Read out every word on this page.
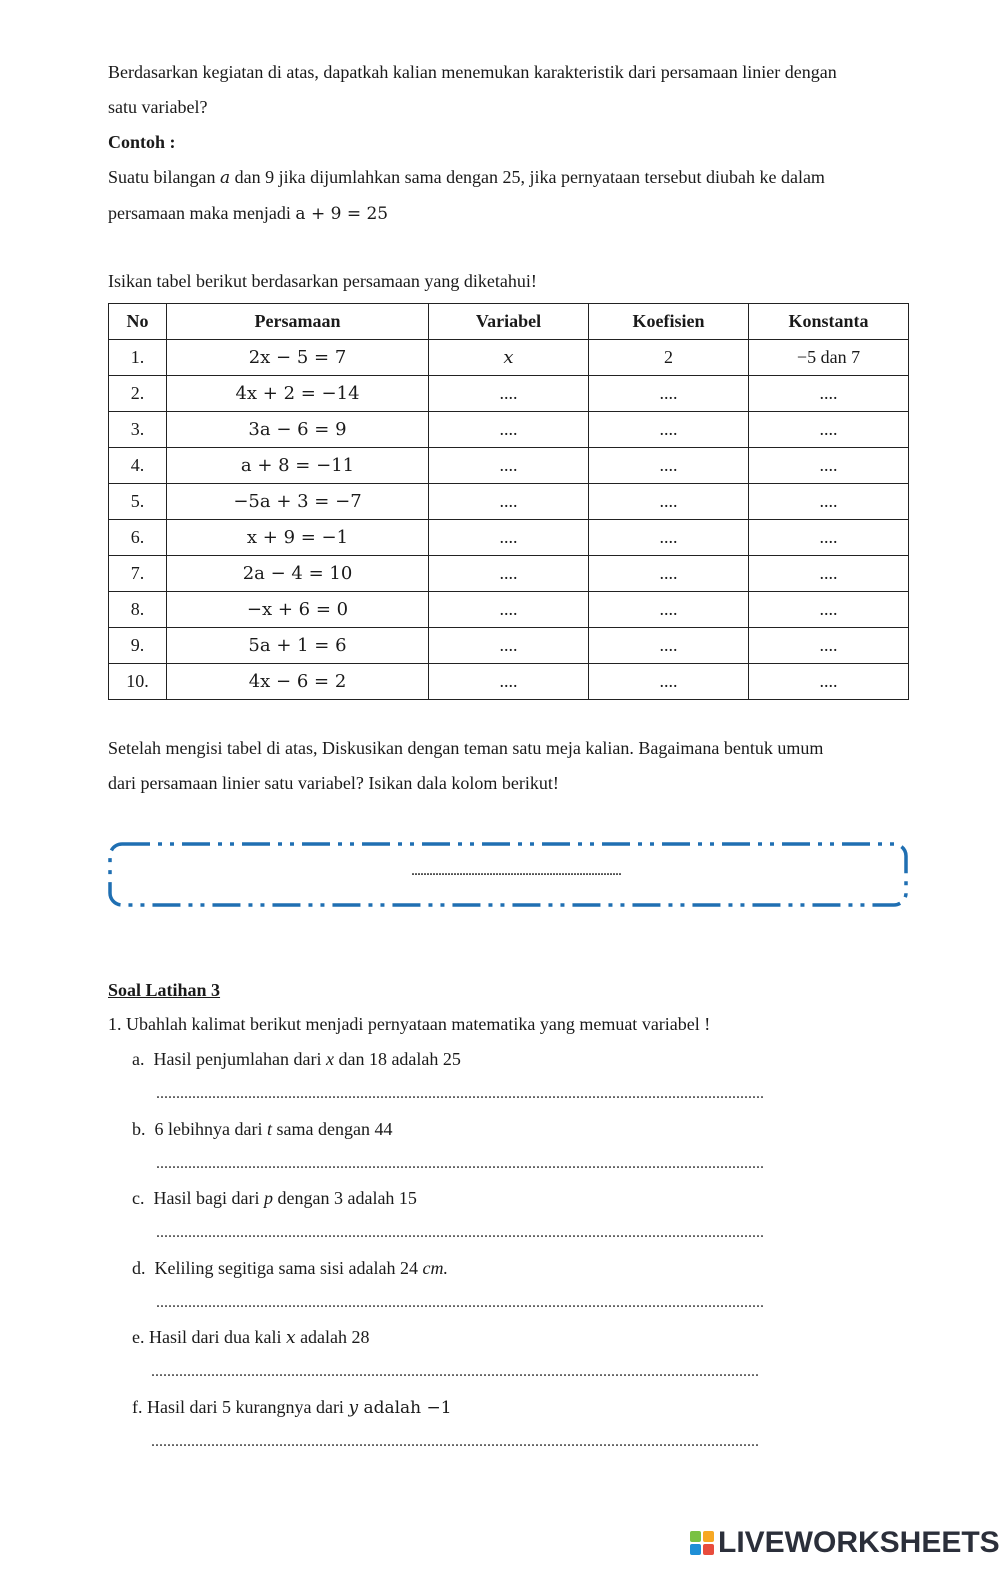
Berdasarkan kegiatan di atas, dapatkah kalian menemukan karakteristik dari persamaan linier dengan
satu variabel?
Contoh :
Suatu bilangan a dan 9 jika dijumlahkan sama dengan 25, jika pernyataan tersebut diubah ke dalam
persamaan maka menjadi a + 9 = 25
Isikan tabel berikut berdasarkan persamaan yang diketahui!
No	Persamaan	Variabel	Koefisien	Konstanta
1.	2x − 5 = 7	x	2	−5 dan 7
2.	4x + 2 = −14	....	....	....
3.	3a − 6 = 9	....	....	....
4.	a + 8 = −11	....	....	....
5.	−5a + 3 = −7	....	....	....
6.	x + 9 = −1	....	....	....
7.	2a − 4 = 10	....	....	....
8.	−x + 6 = 0	....	....	....
9.	5a + 1 = 6	....	....	....
10.	4x − 6 = 2	....	....	....
Setelah mengisi tabel di atas, Diskusikan dengan teman satu meja kalian. Bagaimana bentuk umum
dari persamaan linier satu variabel? Isikan dala kolom berikut!
......................................................................
Soal Latihan 3
1. Ubahlah kalimat berikut menjadi pernyataan matematika yang memuat variabel !
a. Hasil penjumlahan dari x dan 18 adalah 25
........................................................................................................................................................
b. 6 lebihnya dari t sama dengan 44
........................................................................................................................................................
c. Hasil bagi dari p dengan 3 adalah 15
........................................................................................................................................................
d. Keliling segitiga sama sisi adalah 24 cm.
........................................................................................................................................................
e. Hasil dari dua kali x adalah 28
........................................................................................................................................................
f. Hasil dari 5 kurangnya dari y adalah −1
........................................................................................................................................................
LIVEWORKSHEETS
